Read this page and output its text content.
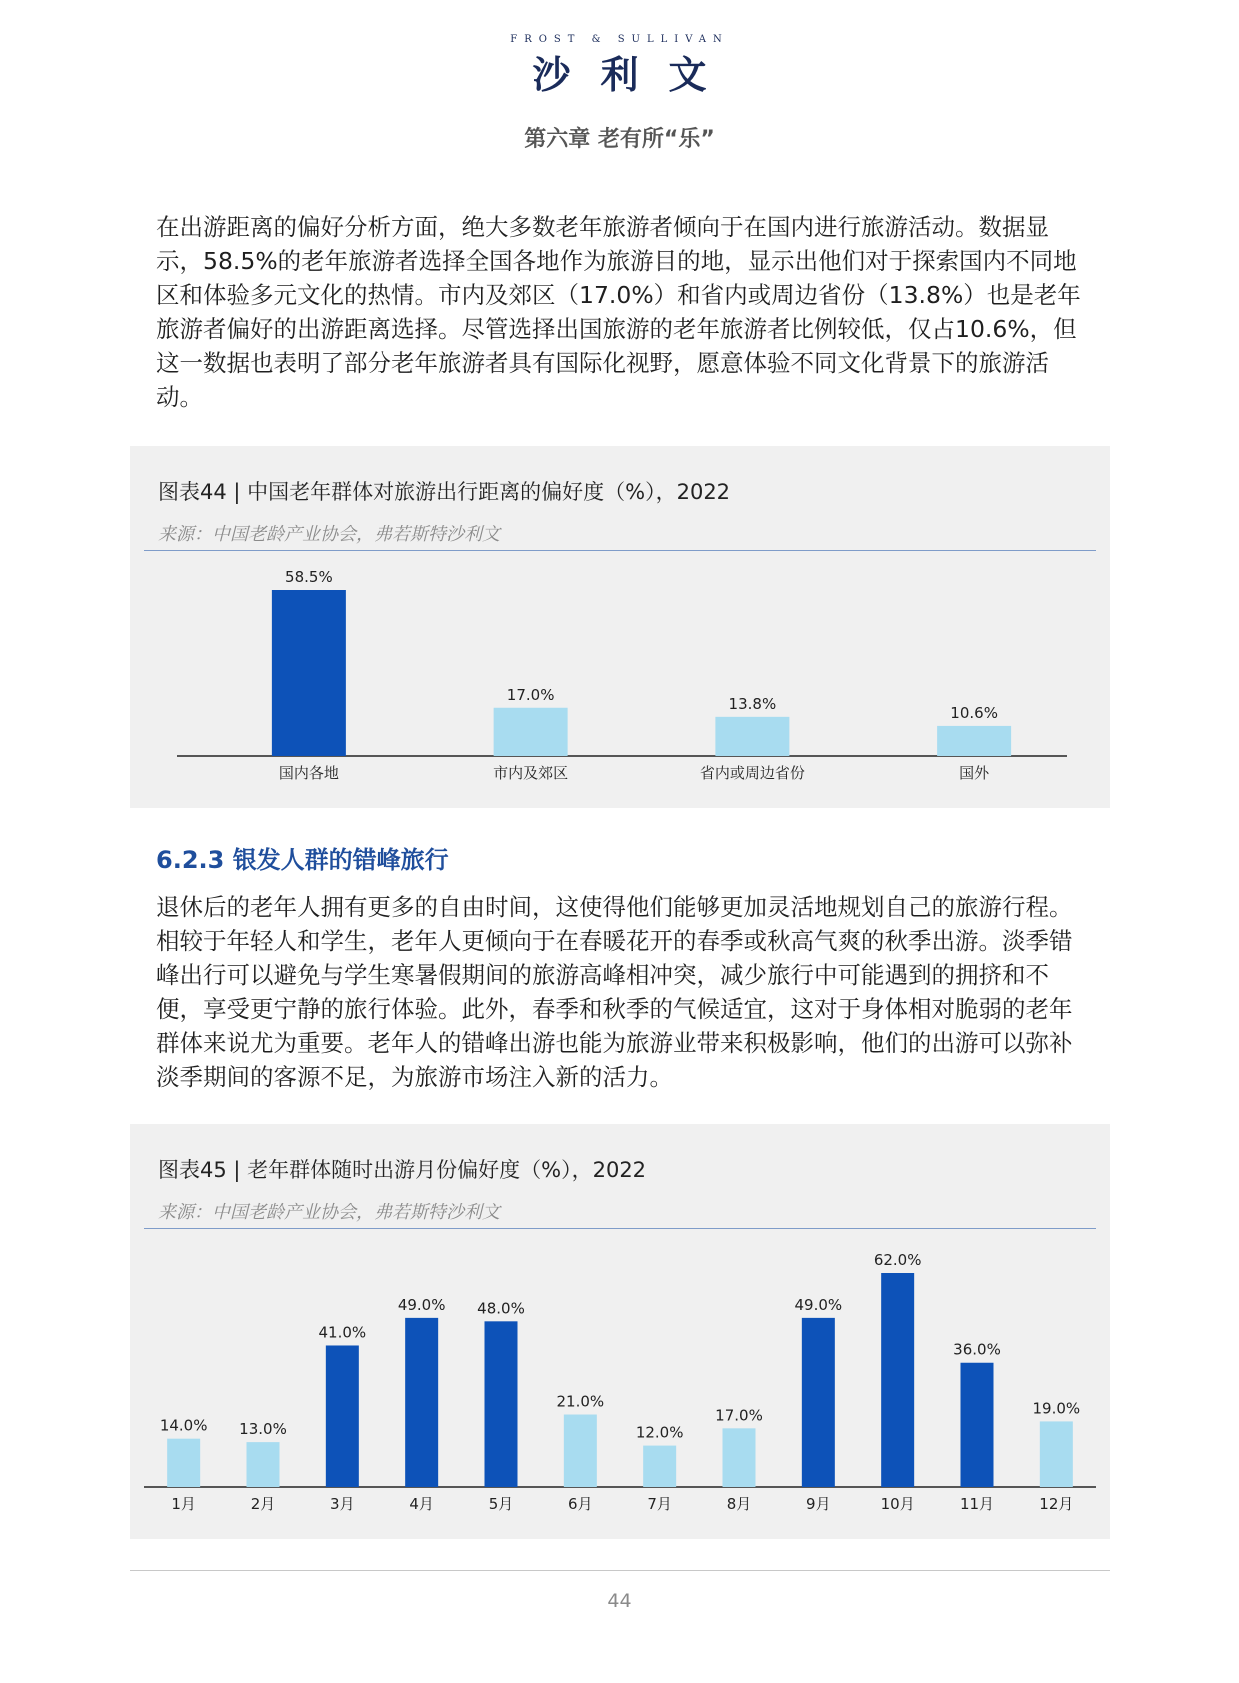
FROST & SULLIVAN
沙利文
第六章 老有所“乐”

在出游距离的偏好分析方面，绝大多数老年旅游者倾向于在国内进行旅游活动。数据显示，58.5%的老年旅游者选择全国各地作为旅游目的地，显示出他们对于探索国内不同地区和体验多元文化的热情。市内及郊区（17.0%）和省内或周边省份（13.8%）也是老年旅游者偏好的出游距离选择。尽管选择出国旅游的老年旅游者比例较低，仅占10.6%，但这一数据也表明了部分老年旅游者具有国际化视野，愿意体验不同文化背景下的旅游活动。

图表44 | 中国老年群体对旅游出行距离的偏好度（%），2022
来源：中国老龄产业协会，弗若斯特沙利文
58.5%
国内各地
17.0%
市内及郊区
13.8%
省内或周边省份
10.6%
国外
6.2.3 银发人群的错峰旅行

退休后的老年人拥有更多的自由时间，这使得他们能够更加灵活地规划自己的旅游行程。相较于年轻人和学生，老年人更倾向于在春暖花开的春季或秋高气爽的秋季出游。淡季错峰出行可以避免与学生寒暑假期间的旅游高峰相冲突，减少旅行中可能遇到的拥挤和不便，享受更宁静的旅行体验。此外，春季和秋季的气候适宜，这对于身体相对脆弱的老年群体来说尤为重要。老年人的错峰出游也能为旅游业带来积极影响，他们的出游可以弥补淡季期间的客源不足，为旅游市场注入新的活力。

图表45 | 老年群体随时出游月份偏好度（%），2022
来源：中国老龄产业协会，弗若斯特沙利文
14.0%
1月
13.0%
2月
41.0%
3月
49.0%
4月
48.0%
5月
21.0%
6月
12.0%
7月
17.0%
8月
49.0%
9月
62.0%
10月
36.0%
11月
19.0%
12月
44
